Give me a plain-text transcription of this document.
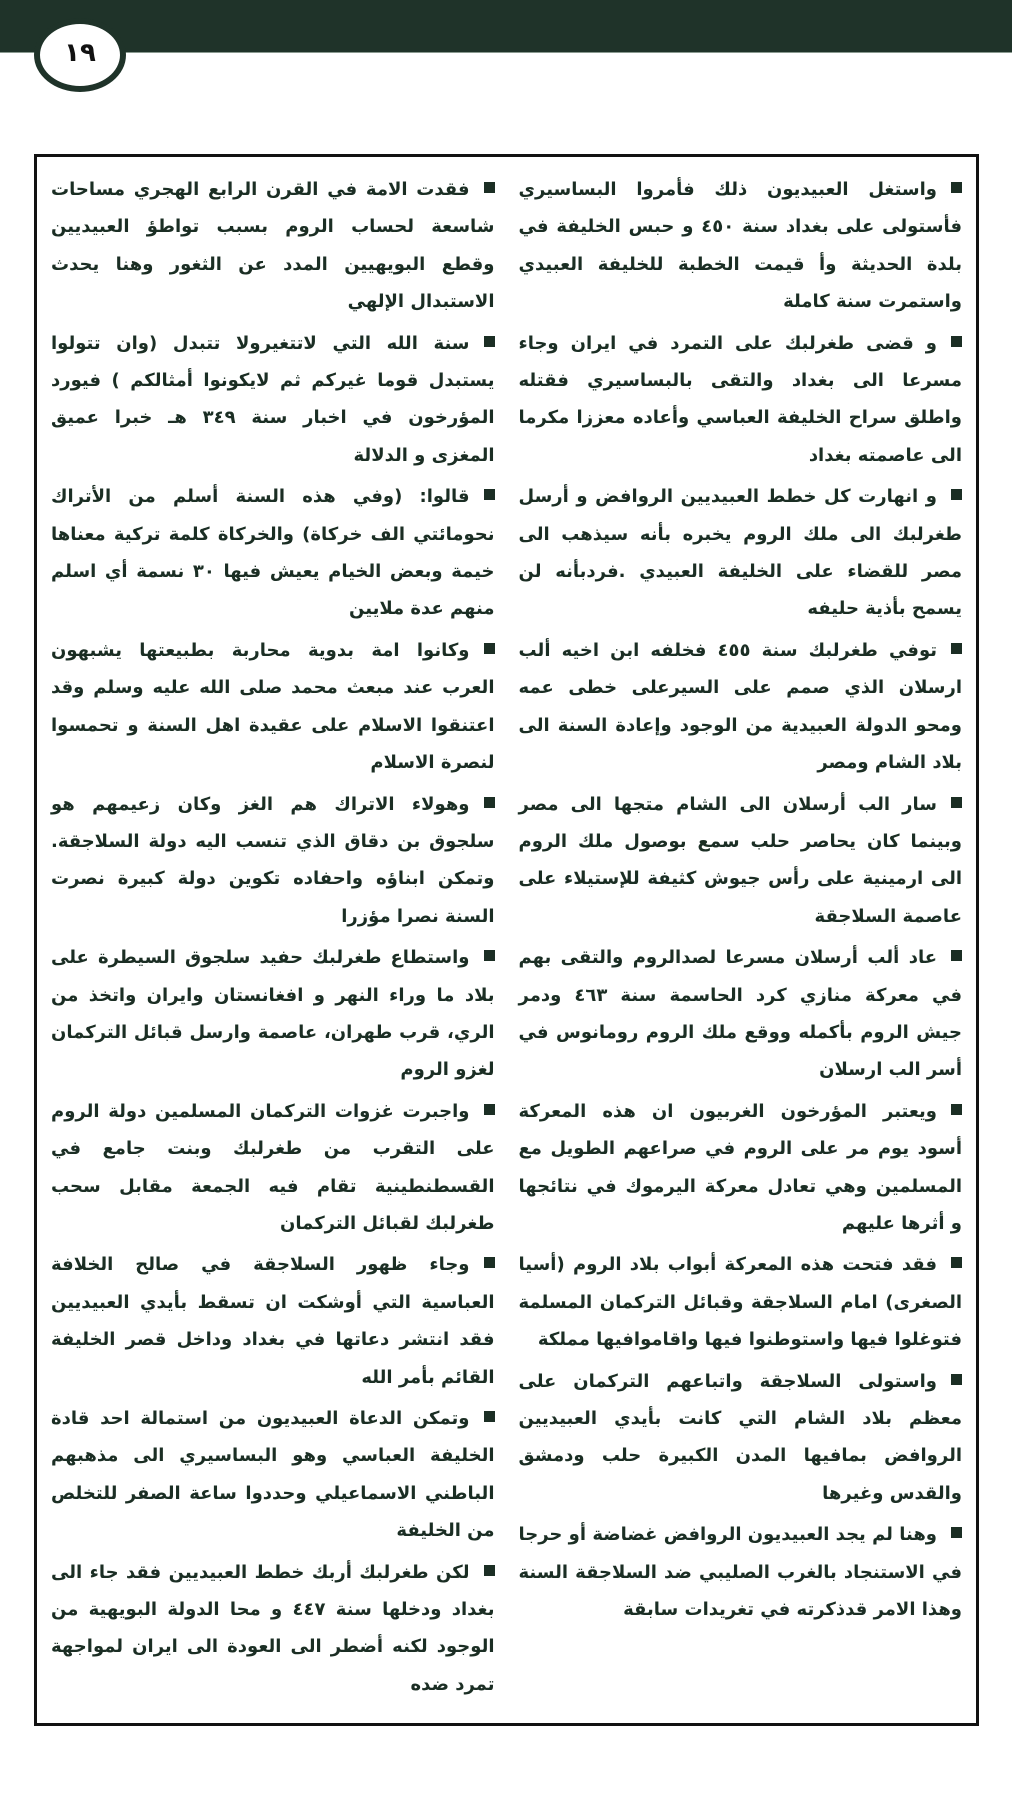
١٩

فقدت الامة في القرن الرابع الهجري مساحات شاسعة لحساب الروم بسبب تواطؤ العبيديين وقطع البويهيين المدد عن الثغور وهنا يحدث الاستبدال الإلهي

سنة الله التي لاتتغيرولا تتبدل (وان تتولوا يستبدل قوما غيركم ثم لايكونوا أمثالكم ) فيورد المؤرخون في اخبار سنة ٣٤٩ هـ خبرا عميق المغزى و الدلالة

قالوا: (وفي هذه السنة أسلم من الأتراك نحومائتي الف خركاة) والخركاة كلمة تركية معناها خيمة وبعض الخيام يعيش فيها ٣٠ نسمة أي اسلم منهم عدة ملايين

وكانوا امة بدوية محاربة بطبيعتها يشبهون العرب عند مبعث محمد صلى الله عليه وسلم وقد اعتنقوا الاسلام على عقيدة اهل السنة و تحمسوا لنصرة الاسلام

وهولاء الاتراك هم الغز وكان زعيمهم هو سلجوق بن دقاق الذي تنسب اليه دولة السلاجقة. وتمكن ابناؤه واحفاده تكوين دولة كبيرة نصرت السنة نصرا مؤزرا

واستطاع طغرلبك حفيد سلجوق السيطرة على بلاد ما وراء النهر و افغانستان وايران واتخذ من الري، قرب طهران، عاصمة وارسل قبائل التركمان لغزو الروم

واجبرت غزوات التركمان المسلمين دولة الروم على التقرب من طغرلبك وبنت جامع في القسطنطينية تقام فيه الجمعة مقابل سحب طغرلبك لقبائل التركمان

وجاء ظهور السلاجقة في صالح الخلافة العباسية التي أوشكت ان تسقط بأيدي العبيديين فقد انتشر دعاتها في بغداد وداخل قصر الخليفة القائم بأمر الله

وتمكن الدعاة العبيديون من استمالة احد قادة الخليفة العباسي وهو البساسيري الى مذهبهم الباطني الاسماعيلي وحددوا ساعة الصفر للتخلص من الخليفة

لكن طغرلبك أربك خطط العبيديين فقد جاء الى بغداد ودخلها سنة ٤٤٧ و محا الدولة البويهية من الوجود لكنه أضطر الى العودة الى ايران لمواجهة تمرد ضده

واستغل العبيديون ذلك فأمروا البساسيري فأستولى على بغداد سنة ٤٥٠ و حبس الخليفة في بلدة الحديثة وأ قيمت الخطبة للخليفة العبيدي واستمرت سنة كاملة

و قضى طغرلبك على التمرد في ايران وجاء مسرعا الى بغداد والتقى بالبساسيري فقتله واطلق سراح الخليفة العباسي وأعاده معززا مكرما الى عاصمته بغداد

و انهارت كل خطط العبيديين الروافض و أرسل طغرلبك الى ملك الروم يخبره بأنه سيذهب الى مصر للقضاء على الخليفة العبيدي .فردبأنه لن يسمح بأذية حليفه

توفي طغرلبك سنة ٤٥٥ فخلفه ابن اخيه ألب ارسلان الذي صمم على السيرعلى خطى عمه ومحو الدولة العبيدية من الوجود وإعادة السنة الى بلاد الشام ومصر

سار الب أرسلان الى الشام متجها الى مصر وبينما كان يحاصر حلب سمع بوصول ملك الروم الى ارمينية على رأس جيوش كثيفة للإستيلاء على عاصمة السلاجقة

عاد ألب أرسلان مسرعا لصدالروم والتقى بهم في معركة منازي كرد الحاسمة سنة ٤٦٣ ودمر جيش الروم بأكمله ووقع ملك الروم رومانوس في أسر الب ارسلان

ويعتبر المؤرخون الغربيون ان هذه المعركة أسود يوم مر على الروم في صراعهم الطويل مع المسلمين وهي تعادل معركة اليرموك في نتائجها و أثرها عليهم

فقد فتحت هذه المعركة أبواب بلاد الروم (أسيا الصغرى) امام السلاجقة وقبائل التركمان المسلمة فتوغلوا فيها واستوطنوا فيها واقاموافيها مملكة

واستولى السلاجقة واتباعهم التركمان على معظم بلاد الشام التي كانت بأيدي العبيديين الروافض بمافيها المدن الكبيرة حلب ودمشق والقدس وغيرها

وهنا لم يجد العبيديون الروافض غضاضة أو حرجا في الاستنجاد بالغرب الصليبي ضد السلاجقة السنة وهذا الامر قدذكرته في تغريدات سابقة
